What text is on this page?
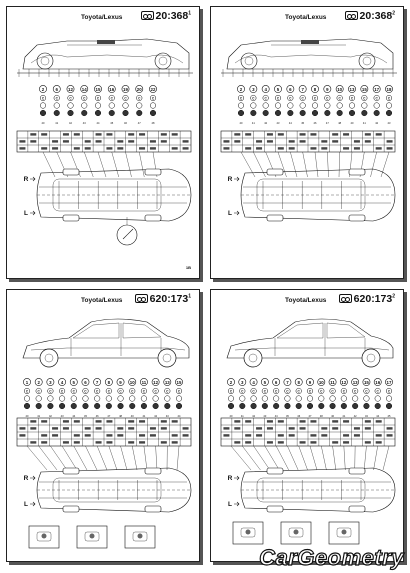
2
C
40
6
C
41
12
C
42
14
C
43
15
C
44
16
C
45
19
C
46
20
C
47
22
C
48
R
L
Toyota/Lexus	$20:368^1$
1B
2
C
40
3
C
41
4
C
42
5
C
43
6
C
44
7
C
45
8
C
46
9
C
47
10
C
48
13
C
40
15
C
41
17
C
42
18
C
43
R
L
Toyota/Lexus	$20:368^2$
1
C
40
2
C
41
3
C
42
4
C
43
5
C
44
6
C
45
7
C
46
8
C
47
9
C
48
10
C
40
11
C
41
12
C
42
13
C
43
15
C
44
R
L
Toyota/Lexus	$620:173^1$
2
C
40
3
C
41
4
C
42
5
C
43
6
C
44
7
C
45
8
C
46
9
C
47
10
C
48
11
C
40
12
C
41
13
C
42
15
C
43
16
C
44
17
C
45
R
L
Toyota/Lexus	$620:173^2$
CarGeometry
